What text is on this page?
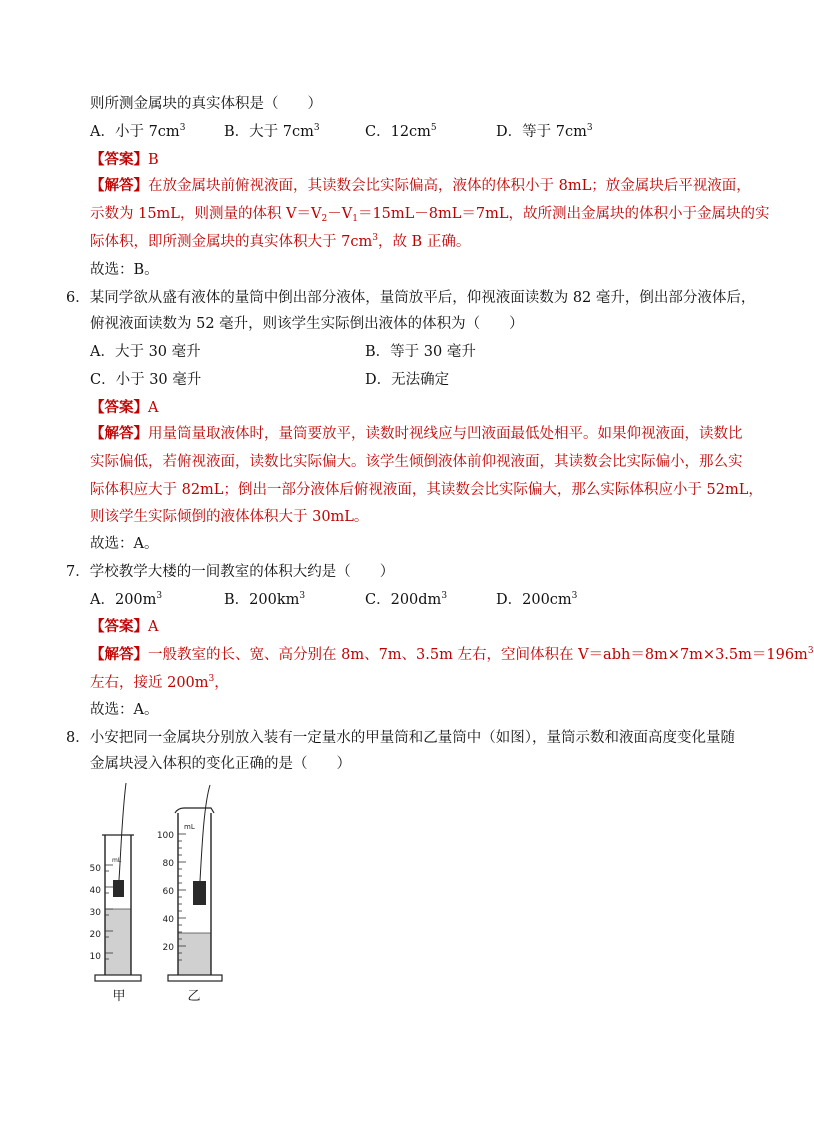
则所测金属块的真实体积是（　　）
A．小于 $7cm^3$	B．大于 $7cm^3$	C．$12cm^5$	D．等于 $7cm^3$
【答案】B
【解答】在放金属块前俯视液面，其读数会比实际偏高，液体的体积小于 8mL；放金属块后平视液面，
示数为 15mL，则测量的体积 $V=V_2-V_1=15mL-8mL=7mL$，故所测出金属块的体积小于金属块的实
际体积，即所测金属块的真实体积大于 $7cm^3$，故 B 正确。
故选：B。
6．某同学欲从盛有液体的量筒中倒出部分液体，量筒放平后，仰视液面读数为 82 毫升，倒出部分液体后，
俯视液面读数为 52 毫升，则该学生实际倒出液体的体积为（　　）
A．大于 30 毫升	B．等于 30 毫升
C．小于 30 毫升	D．无法确定
【答案】A
【解答】用量筒量取液体时，量筒要放平，读数时视线应与凹液面最低处相平。如果仰视液面，读数比
实际偏低，若俯视液面，读数比实际偏大。该学生倾倒液体前仰视液面，其读数会比实际偏小，那么实
际体积应大于 82mL；倒出一部分液体后俯视液面，其读数会比实际偏大，那么实际体积应小于 52mL，
则该学生实际倾倒的液体体积大于 30mL。
故选：A。
7．学校教学大楼的一间教室的体积大约是（　　）
A．$200m^3$	B．$200km^3$	C．$200dm^3$	D．$200cm^3$
【答案】A
【解答】一般教室的长、宽、高分别在 8m、7m、3.5m 左右，空间体积在 $V=abh=8m\times 7m\times 3.5m=196m^3$
左右，接近 $200m^3$，
故选：A。
8．小安把同一金属块分别放入装有一定量水的甲量筒和乙量筒中（如图），量筒示数和液面高度变化量随
金属块浸入体积的变化正确的是（　　）
mL
50
40
30
20
10
甲
mL
100
80
60
40
20
乙
